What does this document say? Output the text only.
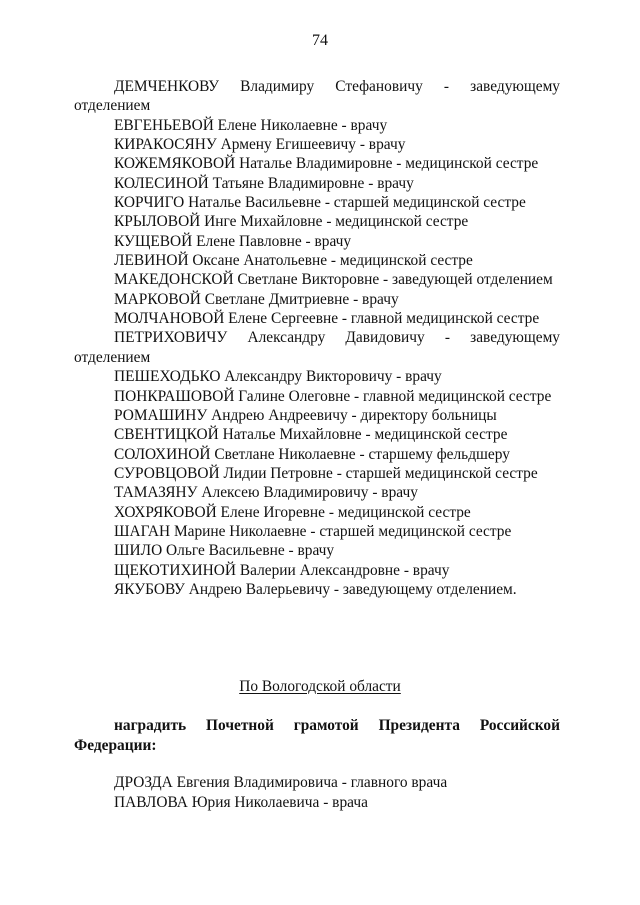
74

ДЕМЧЕНКОВУ Владимиру Стефановичу - заведующему отделением

ЕВГЕНЬЕВОЙ Елене Николаевне - врачу

КИРАКОСЯНУ Армену Егишеевичу - врачу

КОЖЕМЯКОВОЙ Наталье Владимировне - медицинской сестре

КОЛЕСИНОЙ Татьяне Владимировне - врачу

КОРЧИГО Наталье Васильевне - старшей медицинской сестре

КРЫЛОВОЙ Инге Михайловне - медицинской сестре

КУЩЕВОЙ Елене Павловне - врачу

ЛЕВИНОЙ Оксане Анатольевне - медицинской сестре

МАКЕДОНСКОЙ Светлане Викторовне - заведующей отделением

МАРКОВОЙ Светлане Дмитриевне - врачу

МОЛЧАНОВОЙ Елене Сергеевне - главной медицинской сестре

ПЕТРИХОВИЧУ Александру Давидовичу - заведующему отделением

ПЕШЕХОДЬКО Александру Викторовичу - врачу

ПОНКРАШОВОЙ Галине Олеговне - главной медицинской сестре

РОМАШИНУ Андрею Андреевичу - директору больницы

СВЕНТИЦКОЙ Наталье Михайловне - медицинской сестре

СОЛОХИНОЙ Светлане Николаевне - старшему фельдшеру

СУРОВЦОВОЙ Лидии Петровне - старшей медицинской сестре

ТАМАЗЯНУ Алексею Владимировичу - врачу

ХОХРЯКОВОЙ Елене Игоревне - медицинской сестре

ШАГАН Марине Николаевне - старшей медицинской сестре

ШИЛО Ольге Васильевне - врачу

ЩЕКОТИХИНОЙ Валерии Александровне - врачу

ЯКУБОВУ Андрею Валерьевичу - заведующему отделением.

По Вологодской области

наградить Почетной грамотой Президента Российской Федерации:

ДРОЗДА Евгения Владимировича - главного врача

ПАВЛОВА Юрия Николаевича - врача
